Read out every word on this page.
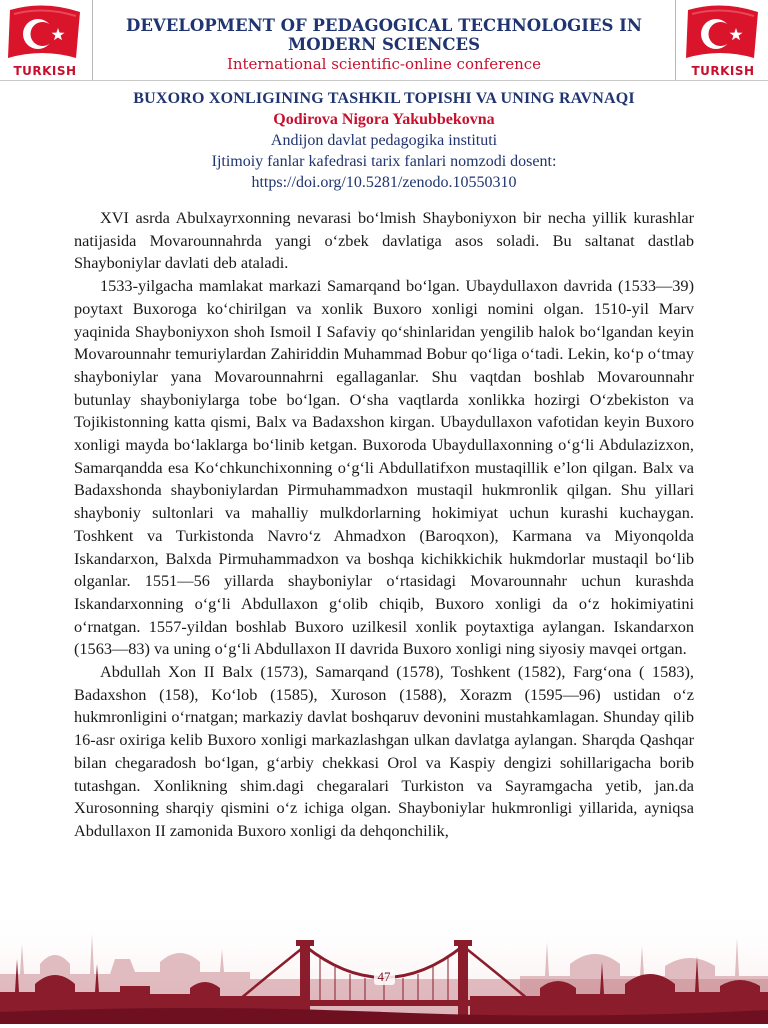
TURKISH
DEVELOPMENT OF PEDAGOGICAL TECHNOLOGIES IN MODERN SCIENCES
International scientific-online conference	TURKISH
BUXORO XONLIGINING TASHKIL TOPISHI VA UNING RAVNAQI
Qodirova Nigora Yakubbekovna
Andijon davlat pedagogika instituti
Ijtimoiy fanlar kafedrasi tarix fanlari nomzodi dosent:
https://doi.org/10.5281/zenodo.10550310

XVI asrda Abulxayrxonning nevarasi boʻlmish Shayboniyxon bir necha yillik kurashlar natijasida Movarounnahrda yangi oʻzbek davlatiga asos soladi. Bu saltanat dastlab Shayboniylar davlati deb ataladi.

1533-yilgacha mamlakat markazi Samarqand boʻlgan. Ubaydullaxon davrida (1533—39) poytaxt Buxoroga koʻchirilgan va xonlik Buxoro xonligi nomini olgan. 1510-yil Marv yaqinida Shayboniyxon shoh Ismoil I Safaviy qoʻshinlaridan yengilib halok boʻlgandan keyin Movarounnahr temuriylardan Zahiriddin Muhammad Bobur qoʻliga oʻtadi. Lekin, koʻp oʻtmay shayboniylar yana Movarounnahrni egallaganlar. Shu vaqtdan boshlab Movarounnahr butunlay shayboniylarga tobe boʻlgan. Oʻsha vaqtlarda xonlikka hozirgi Oʻzbekiston va Tojikistonning katta qismi, Balx va Badaxshon kirgan. Ubaydullaxon vafotidan keyin Buxoro xonligi mayda boʻlaklarga boʻlinib ketgan. Buxoroda Ubaydullaxonning oʻgʻli Abdulazizxon, Samarqandda esa Koʻchkunchixonning oʻgʻli Abdullatifxon mustaqillik eʼlon qilgan. Balx va Badaxshonda shayboniylardan Pirmuhammadxon mustaqil hukmronlik qilgan. Shu yillari shayboniy sultonlari va mahalliy mulkdorlarning hokimiyat uchun kurashi kuchaygan. Toshkent va Turkistonda Navroʻz Ahmadxon (Baroqxon), Karmana va Miyonqolda Iskandarxon, Balxda Pirmuhammadxon va boshqa kichikkichik hukmdorlar mustaqil boʻlib olganlar. 1551—56 yillarda shayboniylar oʻrtasidagi Movarounnahr uchun kurashda Iskandarxonning oʻgʻli Abdullaxon gʻolib chiqib, Buxoro xonligi da oʻz hokimiyatini oʻrnatgan. 1557-yildan boshlab Buxoro uzilkesil xonlik poytaxtiga aylangan. Iskandarxon (1563—83) va uning oʻgʻli Abdullaxon II davrida Buxoro xonligi ning siyosiy mavqei ortgan.

Abdullah Xon II Balx (1573), Samarqand (1578), Toshkent (1582), Fargʻona ( 1583), Badaxshon (158), Koʻlob (1585), Xuroson (1588), Xorazm (1595—96) ustidan oʻz hukmronligini oʻrnatgan; markaziy davlat boshqaruv devonini mustahkamlagan. Shunday qilib 16-asr oxiriga kelib Buxoro xonligi markazlashgan ulkan davlatga aylangan. Sharqda Qashqar bilan chegaradosh boʻlgan, gʻarbiy chekkasi Orol va Kaspiy dengizi sohillarigacha borib tutashgan. Xonlikning shim.dagi chegaralari Turkiston va Sayramgacha yetib, jan.da Xurosonning sharqiy qismini oʻz ichiga olgan. Shayboniylar hukmronligi yillarida, ayniqsa Abdullaxon II zamonida Buxoro xonligi da dehqonchilik,

47
